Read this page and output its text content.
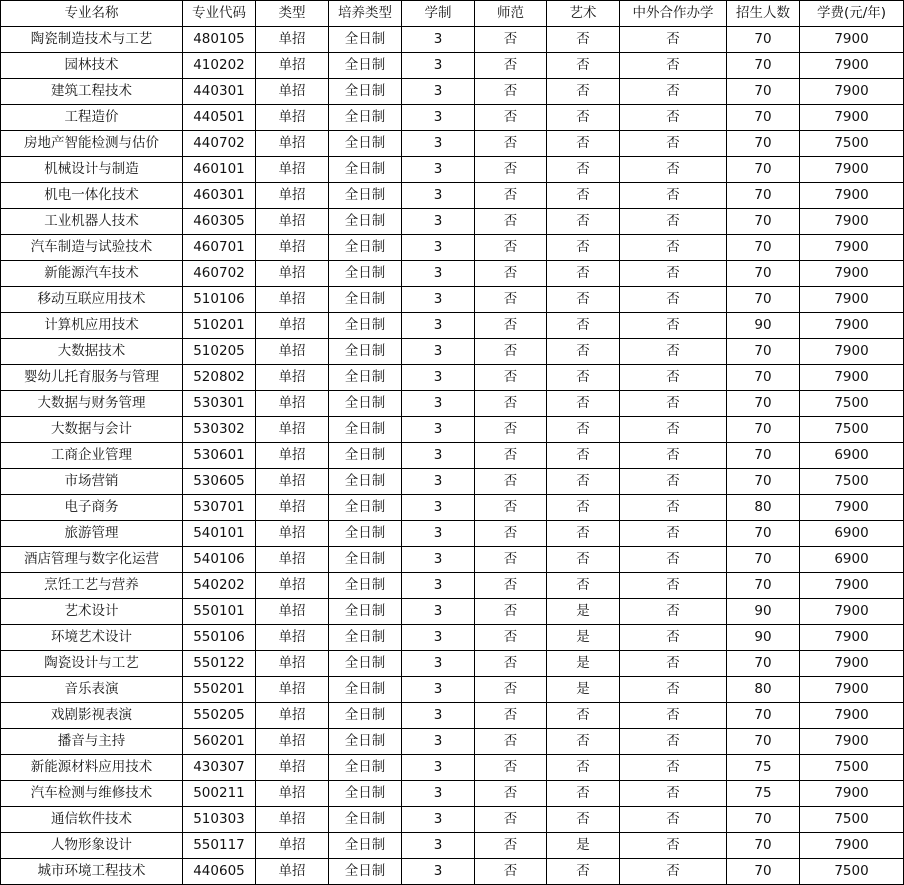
专业名称	专业代码	类型	培养类型	学制	师范	艺术	中外合作办学	招生人数	学费(元/年)
陶瓷制造技术与工艺	480105	单招	全日制	3	否	否	否	70	7900
园林技术	410202	单招	全日制	3	否	否	否	70	7900
建筑工程技术	440301	单招	全日制	3	否	否	否	70	7900
工程造价	440501	单招	全日制	3	否	否	否	70	7900
房地产智能检测与估价	440702	单招	全日制	3	否	否	否	70	7500
机械设计与制造	460101	单招	全日制	3	否	否	否	70	7900
机电一体化技术	460301	单招	全日制	3	否	否	否	70	7900
工业机器人技术	460305	单招	全日制	3	否	否	否	70	7900
汽车制造与试验技术	460701	单招	全日制	3	否	否	否	70	7900
新能源汽车技术	460702	单招	全日制	3	否	否	否	70	7900
移动互联应用技术	510106	单招	全日制	3	否	否	否	70	7900
计算机应用技术	510201	单招	全日制	3	否	否	否	90	7900
大数据技术	510205	单招	全日制	3	否	否	否	70	7900
婴幼儿托育服务与管理	520802	单招	全日制	3	否	否	否	70	7900
大数据与财务管理	530301	单招	全日制	3	否	否	否	70	7500
大数据与会计	530302	单招	全日制	3	否	否	否	70	7500
工商企业管理	530601	单招	全日制	3	否	否	否	70	6900
市场营销	530605	单招	全日制	3	否	否	否	70	7500
电子商务	530701	单招	全日制	3	否	否	否	80	7900
旅游管理	540101	单招	全日制	3	否	否	否	70	6900
酒店管理与数字化运营	540106	单招	全日制	3	否	否	否	70	6900
烹饪工艺与营养	540202	单招	全日制	3	否	否	否	70	7900
艺术设计	550101	单招	全日制	3	否	是	否	90	7900
环境艺术设计	550106	单招	全日制	3	否	是	否	90	7900
陶瓷设计与工艺	550122	单招	全日制	3	否	是	否	70	7900
音乐表演	550201	单招	全日制	3	否	是	否	80	7900
戏剧影视表演	550205	单招	全日制	3	否	否	否	70	7900
播音与主持	560201	单招	全日制	3	否	否	否	70	7900
新能源材料应用技术	430307	单招	全日制	3	否	否	否	75	7500
汽车检测与维修技术	500211	单招	全日制	3	否	否	否	75	7900
通信软件技术	510303	单招	全日制	3	否	否	否	70	7500
人物形象设计	550117	单招	全日制	3	否	是	否	70	7900
城市环境工程技术	440605	单招	全日制	3	否	否	否	70	7500
